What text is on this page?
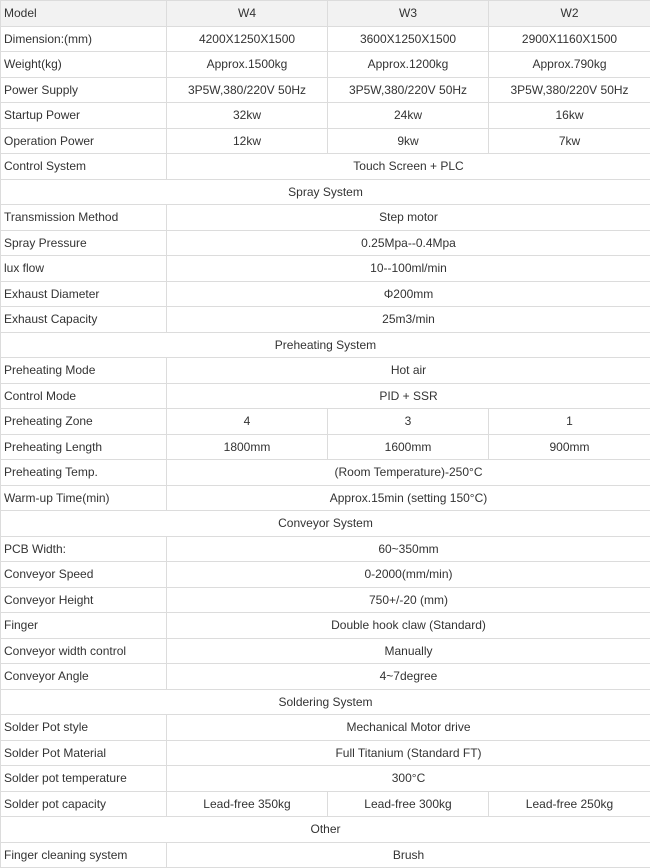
Model	W4	W3	W2
Dimension:(mm)	4200X1250X1500	3600X1250X1500	2900X1160X1500
Weight(kg)	Approx.1500kg	Approx.1200kg	Approx.790kg
Power Supply	3P5W,380/220V 50Hz	3P5W,380/220V 50Hz	3P5W,380/220V 50Hz
Startup Power	32kw	24kw	16kw
Operation Power	12kw	9kw	7kw
Control System	Touch Screen + PLC		
Spray System			
Transmission Method	Step motor		
Spray Pressure	0.25Mpa--0.4Mpa		
lux flow	10--100ml/min		
Exhaust Diameter	Φ200mm		
Exhaust Capacity	25m3/min		
Preheating System			
Preheating Mode	Hot air		
Control Mode	PID + SSR		
Preheating Zone	4	3	1
Preheating Length	1800mm	1600mm	900mm
Preheating Temp.	(Room Temperature)-250°C		
Warm-up Time(min)	Approx.15min (setting 150°C)		
Conveyor System			
PCB Width:	60~350mm		
Conveyor Speed	0-2000(mm/min)		
Conveyor Height	750+/-20 (mm)		
Finger	Double hook claw (Standard)		
Conveyor width control	Manually		
Conveyor Angle	4~7degree		
Soldering System			
Solder Pot style	Mechanical Motor drive		
Solder Pot Material	Full Titanium (Standard FT)		
Solder pot temperature	300°C		
Solder pot capacity	Lead-free 350kg	Lead-free 300kg	Lead-free 250kg
Other			
Finger cleaning system	Brush		
